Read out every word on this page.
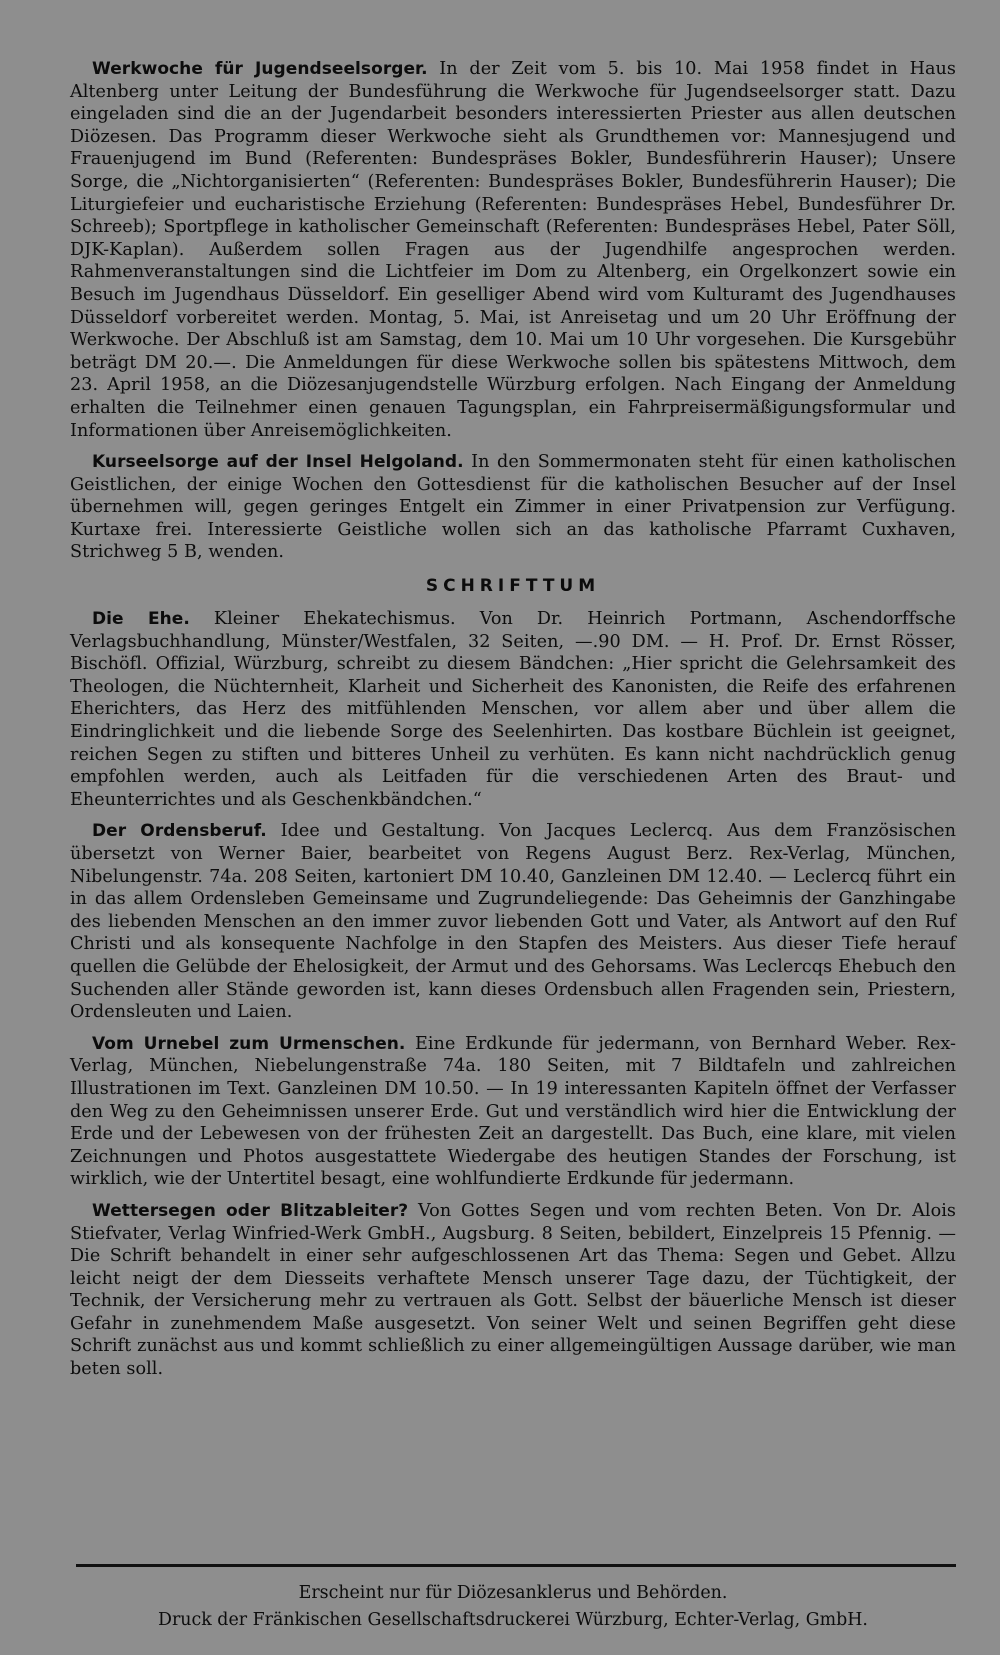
Werkwoche für Jugendseelsorger. In der Zeit vom 5. bis 10. Mai 1958 findet in Haus Altenberg unter Leitung der Bundesführung die Werkwoche für Jugendseelsorger statt. Dazu eingeladen sind die an der Jugendarbeit besonders interessierten Priester aus allen deutschen Diözesen. Das Programm dieser Werkwoche sieht als Grundthemen vor: Mannesjugend und Frauenjugend im Bund (Referenten: Bundespräses Bokler, Bundesführerin Hauser); Unsere Sorge, die „Nichtorganisierten“ (Referenten: Bundespräses Bokler, Bundesführerin Hauser); Die Liturgiefeier und eucharistische Erziehung (Referenten: Bundespräses Hebel, Bundesführer Dr. Schreeb); Sportpflege in katholischer Gemeinschaft (Referenten: Bundespräses Hebel, Pater Söll, DJK-Kaplan). Außerdem sollen Fragen aus der Jugendhilfe angesprochen werden. Rahmenveranstaltungen sind die Lichtfeier im Dom zu Altenberg, ein Orgelkonzert sowie ein Besuch im Jugendhaus Düsseldorf. Ein geselliger Abend wird vom Kulturamt des Jugendhauses Düsseldorf vorbereitet werden. Montag, 5. Mai, ist Anreisetag und um 20 Uhr Eröffnung der Werkwoche. Der Abschluß ist am Samstag, dem 10. Mai um 10 Uhr vorgesehen. Die Kursgebühr beträgt DM 20.—. Die Anmeldungen für diese Werkwoche sollen bis spätestens Mittwoch, dem 23. April 1958, an die Diözesanjugendstelle Würzburg erfolgen. Nach Eingang der Anmeldung erhalten die Teilnehmer einen genauen Tagungsplan, ein Fahrpreisermäßigungsformular und Informationen über Anreisemöglichkeiten.

Kurseelsorge auf der Insel Helgoland. In den Sommermonaten steht für einen katholischen Geistlichen, der einige Wochen den Gottesdienst für die katholischen Besucher auf der Insel übernehmen will, gegen geringes Entgelt ein Zimmer in einer Privatpension zur Verfügung. Kurtaxe frei. Interessierte Geistliche wollen sich an das katholische Pfarramt Cuxhaven, Strichweg 5 B, wenden.

SCHRIFTTUM

Die Ehe. Kleiner Ehekatechismus. Von Dr. Heinrich Portmann, Aschendorffsche Verlagsbuchhandlung, Münster/Westfalen, 32 Seiten, —.90 DM. — H. Prof. Dr. Ernst Rösser, Bischöfl. Offizial, Würzburg, schreibt zu diesem Bändchen: „Hier spricht die Gelehrsamkeit des Theologen, die Nüchternheit, Klarheit und Sicherheit des Kanonisten, die Reife des erfahrenen Eherichters, das Herz des mitfühlenden Menschen, vor allem aber und über allem die Eindringlichkeit und die liebende Sorge des Seelenhirten. Das kostbare Büchlein ist geeignet, reichen Segen zu stiften und bitteres Unheil zu verhüten. Es kann nicht nachdrücklich genug empfohlen werden, auch als Leitfaden für die verschiedenen Arten des Braut- und Eheunterrichtes und als Geschenkbändchen.“

Der Ordensberuf. Idee und Gestaltung. Von Jacques Leclercq. Aus dem Französischen übersetzt von Werner Baier, bearbeitet von Regens August Berz. Rex-Verlag, München, Nibelungenstr. 74a. 208 Seiten, kartoniert DM 10.40, Ganzleinen DM 12.40. — Leclercq führt ein in das allem Ordensleben Gemeinsame und Zugrundeliegende: Das Geheimnis der Ganzhingabe des liebenden Menschen an den immer zuvor liebenden Gott und Vater, als Antwort auf den Ruf Christi und als konsequente Nachfolge in den Stapfen des Meisters. Aus dieser Tiefe herauf quellen die Gelübde der Ehelosigkeit, der Armut und des Gehorsams. Was Leclercqs Ehebuch den Suchenden aller Stände geworden ist, kann dieses Ordensbuch allen Fragenden sein, Priestern, Ordensleuten und Laien.

Vom Urnebel zum Urmenschen. Eine Erdkunde für jedermann, von Bernhard Weber. Rex-Verlag, München, Niebelungenstraße 74a. 180 Seiten, mit 7 Bildtafeln und zahlreichen Illustrationen im Text. Ganzleinen DM 10.50. — In 19 interessanten Kapiteln öffnet der Verfasser den Weg zu den Geheimnissen unserer Erde. Gut und verständlich wird hier die Entwicklung der Erde und der Lebewesen von der frühesten Zeit an dargestellt. Das Buch, eine klare, mit vielen Zeichnungen und Photos ausgestattete Wiedergabe des heutigen Standes der Forschung, ist wirklich, wie der Untertitel besagt, eine wohlfundierte Erdkunde für jedermann.

Wettersegen oder Blitzableiter? Von Gottes Segen und vom rechten Beten. Von Dr. Alois Stiefvater, Verlag Winfried-Werk GmbH., Augsburg. 8 Seiten, bebildert, Einzelpreis 15 Pfennig. — Die Schrift behandelt in einer sehr aufgeschlossenen Art das Thema: Segen und Gebet. Allzu leicht neigt der dem Diesseits verhaftete Mensch unserer Tage dazu, der Tüchtigkeit, der Technik, der Versicherung mehr zu vertrauen als Gott. Selbst der bäuerliche Mensch ist dieser Gefahr in zunehmendem Maße ausgesetzt. Von seiner Welt und seinen Begriffen geht diese Schrift zunächst aus und kommt schließlich zu einer allgemeingültigen Aussage darüber, wie man beten soll.

Erscheint nur für Diözesanklerus und Behörden.
Druck der Fränkischen Gesellschaftsdruckerei Würzburg, Echter-Verlag, GmbH.
